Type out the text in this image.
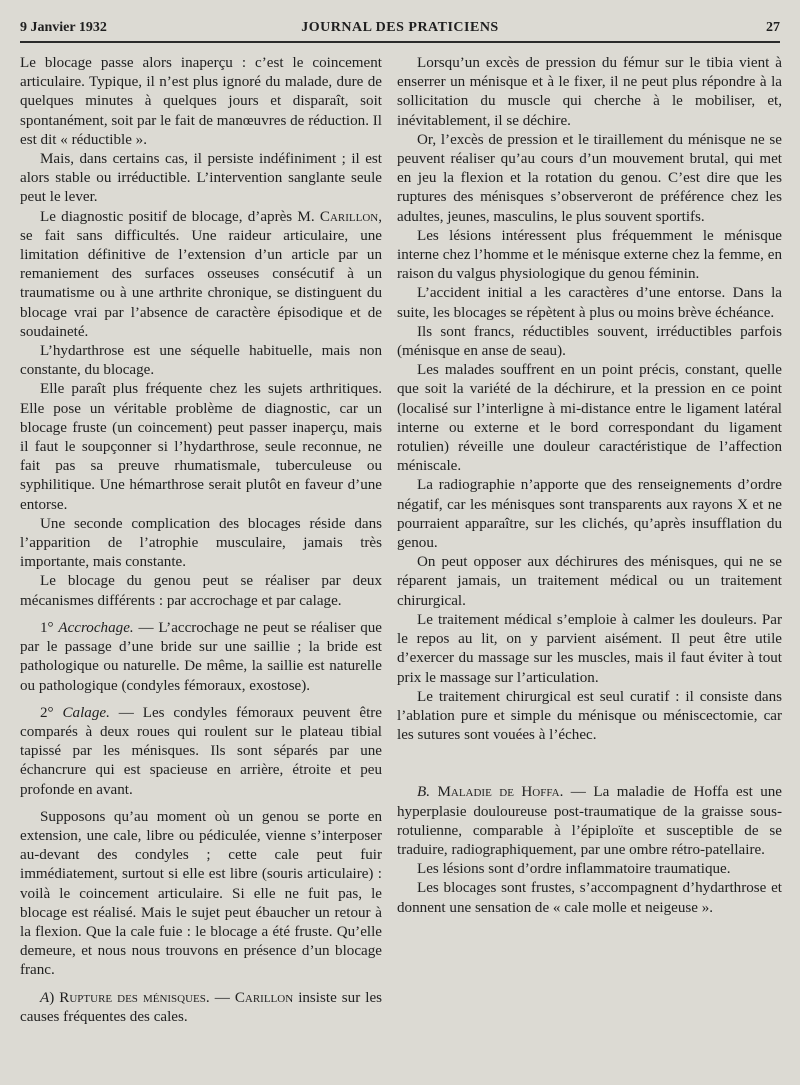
9 Janvier 1932	JOURNAL DES PRATICIENS	27

Le blocage passe alors inaperçu : c’est le coincement articulaire. Typique, il n’est plus ignoré du malade, dure de quelques minutes à quelques jours et disparaît, soit spontanément, soit par le fait de manœuvres de réduction. Il est dit « réductible ».

Mais, dans certains cas, il persiste indéfiniment ; il est alors stable ou irréductible. L’intervention sanglante seule peut le lever.

Le diagnostic positif de blocage, d’après M. Carillon, se fait sans difficultés. Une raideur articulaire, une limitation définitive de l’extension d’un article par un remaniement des surfaces osseuses consécutif à un traumatisme ou à une arthrite chronique, se distinguent du blocage vrai par l’absence de caractère épisodique et de soudaineté.

L’hydarthrose est une séquelle habituelle, mais non constante, du blocage.

Elle paraît plus fréquente chez les sujets arthritiques. Elle pose un véritable problème de diagnostic, car un blocage fruste (un coincement) peut passer inaperçu, mais il faut le soupçonner si l’hydarthrose, seule reconnue, ne fait pas sa preuve rhumatismale, tuberculeuse ou syphilitique. Une hémarthrose serait plutôt en faveur d’une entorse.

Une seconde complication des blocages réside dans l’apparition de l’atrophie musculaire, jamais très importante, mais constante.

Le blocage du genou peut se réaliser par deux mécanismes différents : par accrochage et par calage.

1° Accrochage. — L’accrochage ne peut se réaliser que par le passage d’une bride sur une saillie ; la bride est pathologique ou naturelle. De même, la saillie est naturelle ou pathologique (condyles fémoraux, exostose).

2° Calage. — Les condyles fémoraux peuvent être comparés à deux roues qui roulent sur le plateau tibial tapissé par les ménisques. Ils sont séparés par une échancrure qui est spacieuse en arrière, étroite et peu profonde en avant.

Supposons qu’au moment où un genou se porte en extension, une cale, libre ou pédiculée, vienne s’interposer au-devant des condyles ; cette cale peut fuir immédiatement, surtout si elle est libre (souris articulaire) : voilà le coincement articulaire. Si elle ne fuit pas, le blocage est réalisé. Mais le sujet peut ébaucher un retour à la flexion. Que la cale fuie : le blocage a été fruste. Qu’elle demeure, et nous nous trouvons en présence d’un blocage franc.

A) Rupture des ménisques. — Carillon insiste sur les causes fréquentes des cales.

Lorsqu’un excès de pression du fémur sur le tibia vient à enserrer un ménisque et à le fixer, il ne peut plus répondre à la sollicitation du muscle qui cherche à le mobiliser, et, inévitablement, il se déchire.

Or, l’excès de pression et le tiraillement du ménisque ne se peuvent réaliser qu’au cours d’un mouvement brutal, qui met en jeu la flexion et la rotation du genou. C’est dire que les ruptures des ménisques s’observeront de préférence chez les adultes, jeunes, masculins, le plus souvent sportifs.

Les lésions intéressent plus fréquemment le ménisque interne chez l’homme et le ménisque externe chez la femme, en raison du valgus physiologique du genou féminin.

L’accident initial a les caractères d’une entorse. Dans la suite, les blocages se répètent à plus ou moins brève échéance.

Ils sont francs, réductibles souvent, irréductibles parfois (ménisque en anse de seau).

Les malades souffrent en un point précis, constant, quelle que soit la variété de la déchirure, et la pression en ce point (localisé sur l’interligne à mi-distance entre le ligament latéral interne ou externe et le bord correspondant du ligament rotulien) réveille une douleur caractéristique de l’affection méniscale.

La radiographie n’apporte que des renseignements d’ordre négatif, car les ménisques sont transparents aux rayons X et ne pourraient apparaître, sur les clichés, qu’après insufflation du genou.

On peut opposer aux déchirures des ménisques, qui ne se réparent jamais, un traitement médical ou un traitement chirurgical.

Le traitement médical s’emploie à calmer les douleurs. Par le repos au lit, on y parvient aisément. Il peut être utile d’exercer du massage sur les muscles, mais il faut éviter à tout prix le massage sur l’articulation.

Le traitement chirurgical est seul curatif : il consiste dans l’ablation pure et simple du ménisque ou méniscectomie, car les sutures sont vouées à l’échec.

B. Maladie de Hoffa. — La maladie de Hoffa est une hyperplasie douloureuse post-traumatique de la graisse sous-rotulienne, comparable à l’épiploïte et susceptible de se traduire, radiographiquement, par une ombre rétro-patellaire.

Les lésions sont d’ordre inflammatoire traumatique.

Les blocages sont frustes, s’accompagnent d’hydarthrose et donnent une sensation de « cale molle et neigeuse ».
